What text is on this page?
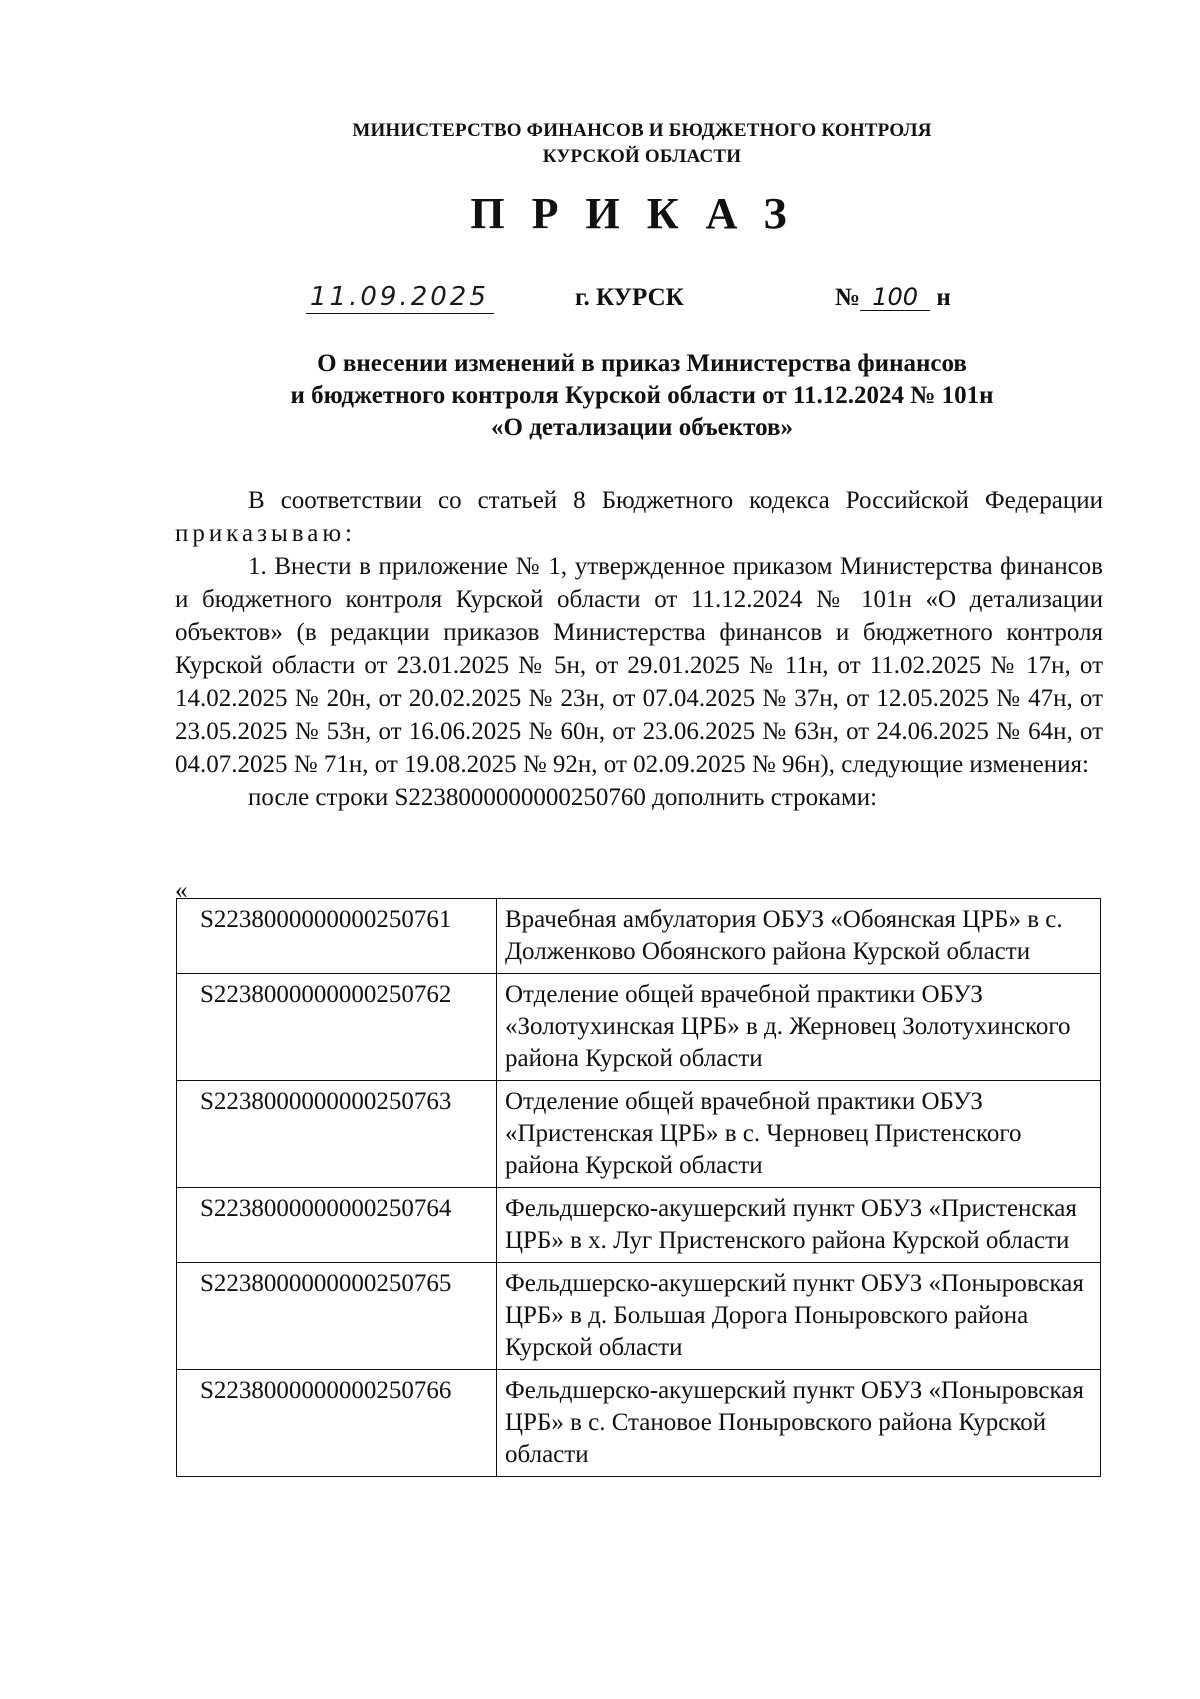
МИНИСТЕРСТВО ФИНАНСОВ И БЮДЖЕТНОГО КОНТРОЛЯ
КУРСКОЙ ОБЛАСТИ
ПРИКАЗ
11.09.2025	г. КУРСК	№ 100 н
О внесении изменений в приказ Министерства финансов
и бюджетного контроля Курской области от 11.12.2024 № 101н
«О детализации объектов»

В соответствии со статьей 8 Бюджетного кодекса Российской Федерации приказываю:

1. Внести в приложение № 1, утвержденное приказом Министерства финансов и бюджетного контроля Курской области от 11.12.2024 № 101н «О детализации объектов» (в редакции приказов Министерства финансов и бюджетного контроля Курской области от 23.01.2025 № 5н, от 29.01.2025 № 11н, от 11.02.2025 № 17н, от 14.02.2025 № 20н, от 20.02.2025 № 23н, от 07.04.2025 № 37н, от 12.05.2025 № 47н, от 23.05.2025 № 53н, от 16.06.2025 № 60н, от 23.06.2025 № 63н, от 24.06.2025 № 64н, от 04.07.2025 № 71н, от 19.08.2025 № 92н, от 02.09.2025 № 96н), следующие изменения:

после строки S2238000000000250760 дополнить строками:

«
S2238000000000250761	Врачебная амбулатория ОБУЗ «Обоянская ЦРБ» в с. Долженково Обоянского района Курской области
S2238000000000250762	Отделение общей врачебной практики ОБУЗ «Золотухинская ЦРБ» в д. Жерновец Золотухинского района Курской области
S2238000000000250763	Отделение общей врачебной практики ОБУЗ «Пристенская ЦРБ» в с. Черновец Пристенского района Курской области
S2238000000000250764	Фельдшерско-акушерский пункт ОБУЗ «Пристенская ЦРБ» в х. Луг Пристенского района Курской области
S2238000000000250765	Фельдшерско-акушерский пункт ОБУЗ «Поныровская ЦРБ» в д. Большая Дорога Поныровского района Курской области
S2238000000000250766	Фельдшерско-акушерский пункт ОБУЗ «Поныровская ЦРБ» в с. Становое Поныровского района Курской области
